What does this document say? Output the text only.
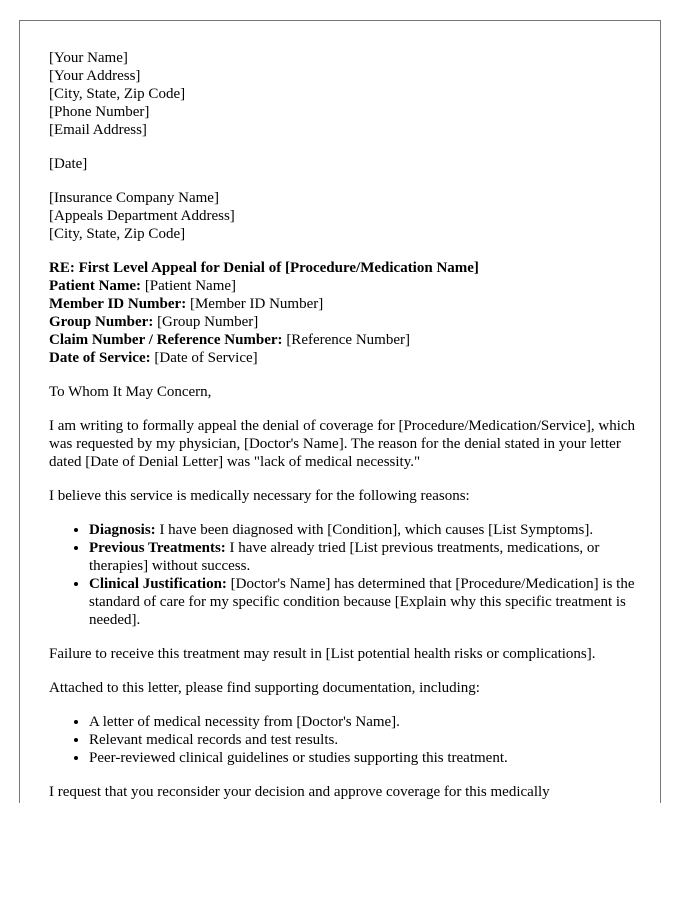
[Your Name]
[Your Address]
[City, State, Zip Code]
[Phone Number]
[Email Address]
[Date]
[Insurance Company Name]
[Appeals Department Address]
[City, State, Zip Code]
RE: First Level Appeal for Denial of [Procedure/Medication Name]
Patient Name: [Patient Name]
Member ID Number: [Member ID Number]
Group Number: [Group Number]
Claim Number / Reference Number: [Reference Number]
Date of Service: [Date of Service]

To Whom It May Concern,

I am writing to formally appeal the denial of coverage for [Procedure/Medication/Service], which was requested by my physician, [Doctor's Name]. The reason for the denial stated in your letter dated [Date of Denial Letter] was "lack of medical necessity."

I believe this service is medically necessary for the following reasons:

• Diagnosis: I have been diagnosed with [Condition], which causes [List Symptoms].
• Previous Treatments: I have already tried [List previous treatments, medications, or therapies] without success.
• Clinical Justification: [Doctor's Name] has determined that [Procedure/Medication] is the standard of care for my specific condition because [Explain why this specific treatment is needed].

Failure to receive this treatment may result in [List potential health risks or complications].

Attached to this letter, please find supporting documentation, including:

• A letter of medical necessity from [Doctor's Name].
• Relevant medical records and test results.
• Peer-reviewed clinical guidelines or studies supporting this treatment.

I request that you reconsider your decision and approve coverage for this medically
